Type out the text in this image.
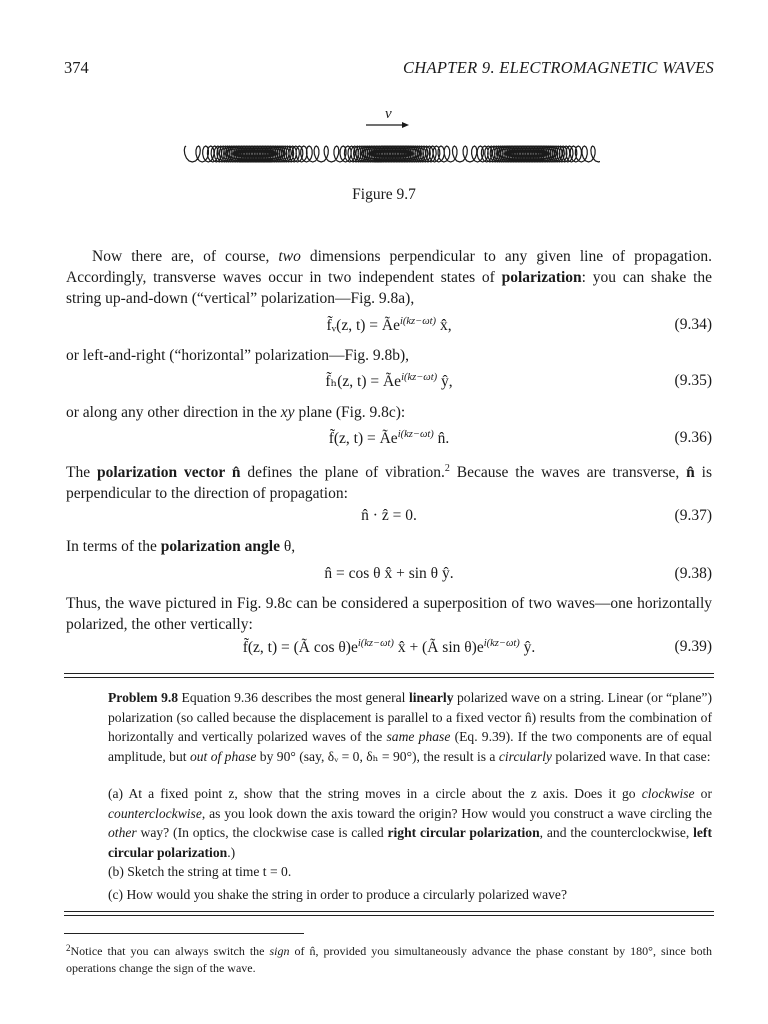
374	CHAPTER 9. ELECTROMAGNETIC WAVES
v
Figure 9.7

Now there are, of course, two dimensions perpendicular to any given line of propagation. Accordingly, transverse waves occur in two independent states of polarization: you can shake the string up-and-down (“vertical” polarization—Fig. 9.8a),

f̃ᵥ(z, $t) = Ãe^{i(kz-\omega t)}$ x̂,	(9.34)

or left-and-right (“horizontal” polarization—Fig. 9.8b),

f̃ₕ(z, $t) = Ãe^{i(kz-\omega t)}$ ŷ,	(9.35)

or along any other direction in the xy plane (Fig. 9.8c):

f̃(z, $t) = Ãe^{i(kz-\omega t)}$ n̂.	(9.36)

The polarization vector n̂ defines the plane of vibration.$^2$ Because the waves are transverse, n̂ is perpendicular to the direction of propagation:

n̂ · ẑ = 0.	(9.37)

In terms of the polarization angle θ,

n̂ = cos θ x̂ + sin θ ŷ.	(9.38)

Thus, the wave pictured in Fig. 9.8c can be considered a superposition of two waves—one horizontally polarized, the other vertically:

f̃(z, t) = (Ã $\cos \theta)e^{i(kz-\omega t)}$ x̂ + (Ã $\sin \theta)e^{i(kz-\omega t)}$ ŷ.	(9.39)

Problem 9.8 Equation 9.36 describes the most general linearly polarized wave on a string. Linear (or “plane”) polarization (so called because the displacement is parallel to a fixed vector n̂) results from the combination of horizontally and vertically polarized waves of the same phase (Eq. 9.39). If the two components are of equal amplitude, but out of phase by 90° (say, δᵥ = 0, δₕ = 90°), the result is a circularly polarized wave. In that case:

(a) At a fixed point z, show that the string moves in a circle about the z axis. Does it go clockwise or counterclockwise, as you look down the axis toward the origin? How would you construct a wave circling the other way? (In optics, the clockwise case is called right circular polarization, and the counterclockwise, left circular polarization.)

(b) Sketch the string at time t = 0.

(c) How would you shake the string in order to produce a circularly polarized wave?

$^2$Notice that you can always switch the sign of n̂, provided you simultaneously advance the phase constant by 180°, since both operations change the sign of the wave.
